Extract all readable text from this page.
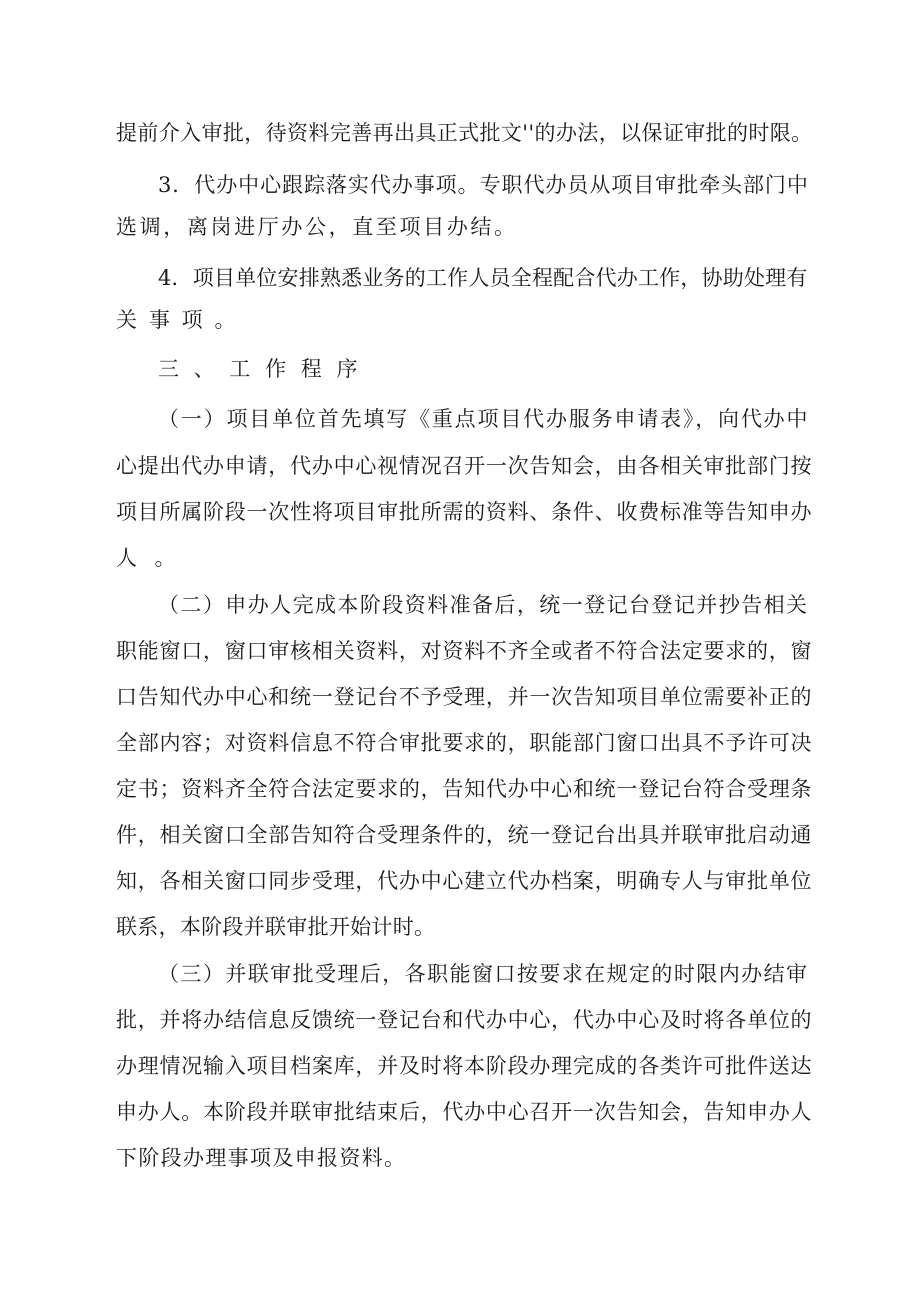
提前介入审批，待资料完善再出具正式批文''的办法，以保证审批的时限。
3．代办中心跟踪落实代办事项。专职代办员从项目审批牵头部门中
选调，离岗进厅办公，直至项目办结。
4．项目单位安排熟悉业务的工作人员全程配合代办工作，协助处理有
关事项。
三、工作程序
（一）项目单位首先填写《重点项目代办服务申请表》，向代办中
心提出代办申请，代办中心视情况召开一次告知会，由各相关审批部门按
项目所属阶段一次性将项目审批所需的资料、条件、收费标准等告知申办
人。
（二）申办人完成本阶段资料准备后，统一登记台登记并抄告相关
职能窗口，窗口审核相关资料，对资料不齐全或者不符合法定要求的，窗
口告知代办中心和统一登记台不予受理，并一次告知项目单位需要补正的
全部内容；对资料信息不符合审批要求的，职能部门窗口出具不予许可决
定书；资料齐全符合法定要求的，告知代办中心和统一登记台符合受理条
件，相关窗口全部告知符合受理条件的，统一登记台出具并联审批启动通
知，各相关窗口同步受理，代办中心建立代办档案，明确专人与审批单位
联系，本阶段并联审批开始计时。
（三）并联审批受理后，各职能窗口按要求在规定的时限内办结审
批，并将办结信息反馈统一登记台和代办中心，代办中心及时将各单位的
办理情况输入项目档案库，并及时将本阶段办理完成的各类许可批件送达
申办人。本阶段并联审批结束后，代办中心召开一次告知会，告知申办人
下阶段办理事项及申报资料。
